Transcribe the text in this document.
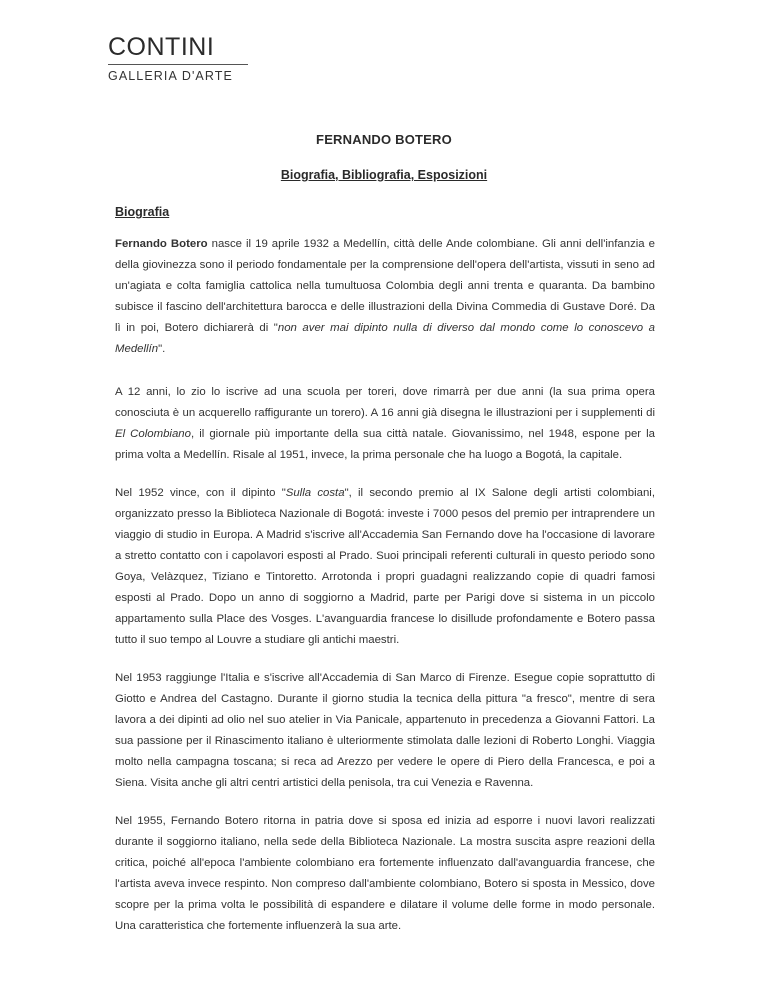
CONTINI
GALLERIA D'ARTE
FERNANDO BOTERO
Biografia, Bibliografia, Esposizioni
Biografia

Fernando Botero nasce il 19 aprile 1932 a Medellín, città delle Ande colombiane. Gli anni dell'infanzia e della giovinezza sono il periodo fondamentale per la comprensione dell'opera dell'artista, vissuti in seno ad un'agiata e colta famiglia cattolica nella tumultuosa Colombia degli anni trenta e quaranta. Da bambino subisce il fascino dell'architettura barocca e delle illustrazioni della Divina Commedia di Gustave Doré. Da lì in poi, Botero dichiarerà di "non aver mai dipinto nulla di diverso dal mondo come lo conoscevo a Medellín".

A 12 anni, lo zio lo iscrive ad una scuola per toreri, dove rimarrà per due anni (la sua prima opera conosciuta è un acquerello raffigurante un torero). A 16 anni già disegna le illustrazioni per i supplementi di El Colombiano, il giornale più importante della sua città natale. Giovanissimo, nel 1948, espone per la prima volta a Medellín. Risale al 1951, invece, la prima personale che ha luogo a Bogotá, la capitale.

Nel 1952 vince, con il dipinto "Sulla costa", il secondo premio al IX Salone degli artisti colombiani, organizzato presso la Biblioteca Nazionale di Bogotá: investe i 7000 pesos del premio per intraprendere un viaggio di studio in Europa. A Madrid s'iscrive all'Accademia San Fernando dove ha l'occasione di lavorare a stretto contatto con i capolavori esposti al Prado. Suoi principali referenti culturali in questo periodo sono Goya, Velàzquez, Tiziano e Tintoretto. Arrotonda i propri guadagni realizzando copie di quadri famosi esposti al Prado. Dopo un anno di soggiorno a Madrid, parte per Parigi dove si sistema in un piccolo appartamento sulla Place des Vosges. L'avanguardia francese lo disillude profondamente e Botero passa tutto il suo tempo al Louvre a studiare gli antichi maestri.

Nel 1953 raggiunge l'Italia e s'iscrive all'Accademia di San Marco di Firenze. Esegue copie soprattutto di Giotto e Andrea del Castagno. Durante il giorno studia la tecnica della pittura "a fresco", mentre di sera lavora a dei dipinti ad olio nel suo atelier in Via Panicale, appartenuto in precedenza a Giovanni Fattori. La sua passione per il Rinascimento italiano è ulteriormente stimolata dalle lezioni di Roberto Longhi. Viaggia molto nella campagna toscana; si reca ad Arezzo per vedere le opere di Piero della Francesca, e poi a Siena. Visita anche gli altri centri artistici della penisola, tra cui Venezia e Ravenna.

Nel 1955, Fernando Botero ritorna in patria dove si sposa ed inizia ad esporre i nuovi lavori realizzati durante il soggiorno italiano, nella sede della Biblioteca Nazionale. La mostra suscita aspre reazioni della critica, poiché all'epoca l'ambiente colombiano era fortemente influenzato dall'avanguardia francese, che l'artista aveva invece respinto. Non compreso dall'ambiente colombiano, Botero si sposta in Messico, dove scopre per la prima volta le possibilità di espandere e dilatare il volume delle forme in modo personale. Una caratteristica che fortemente influenzerà la sua arte.
